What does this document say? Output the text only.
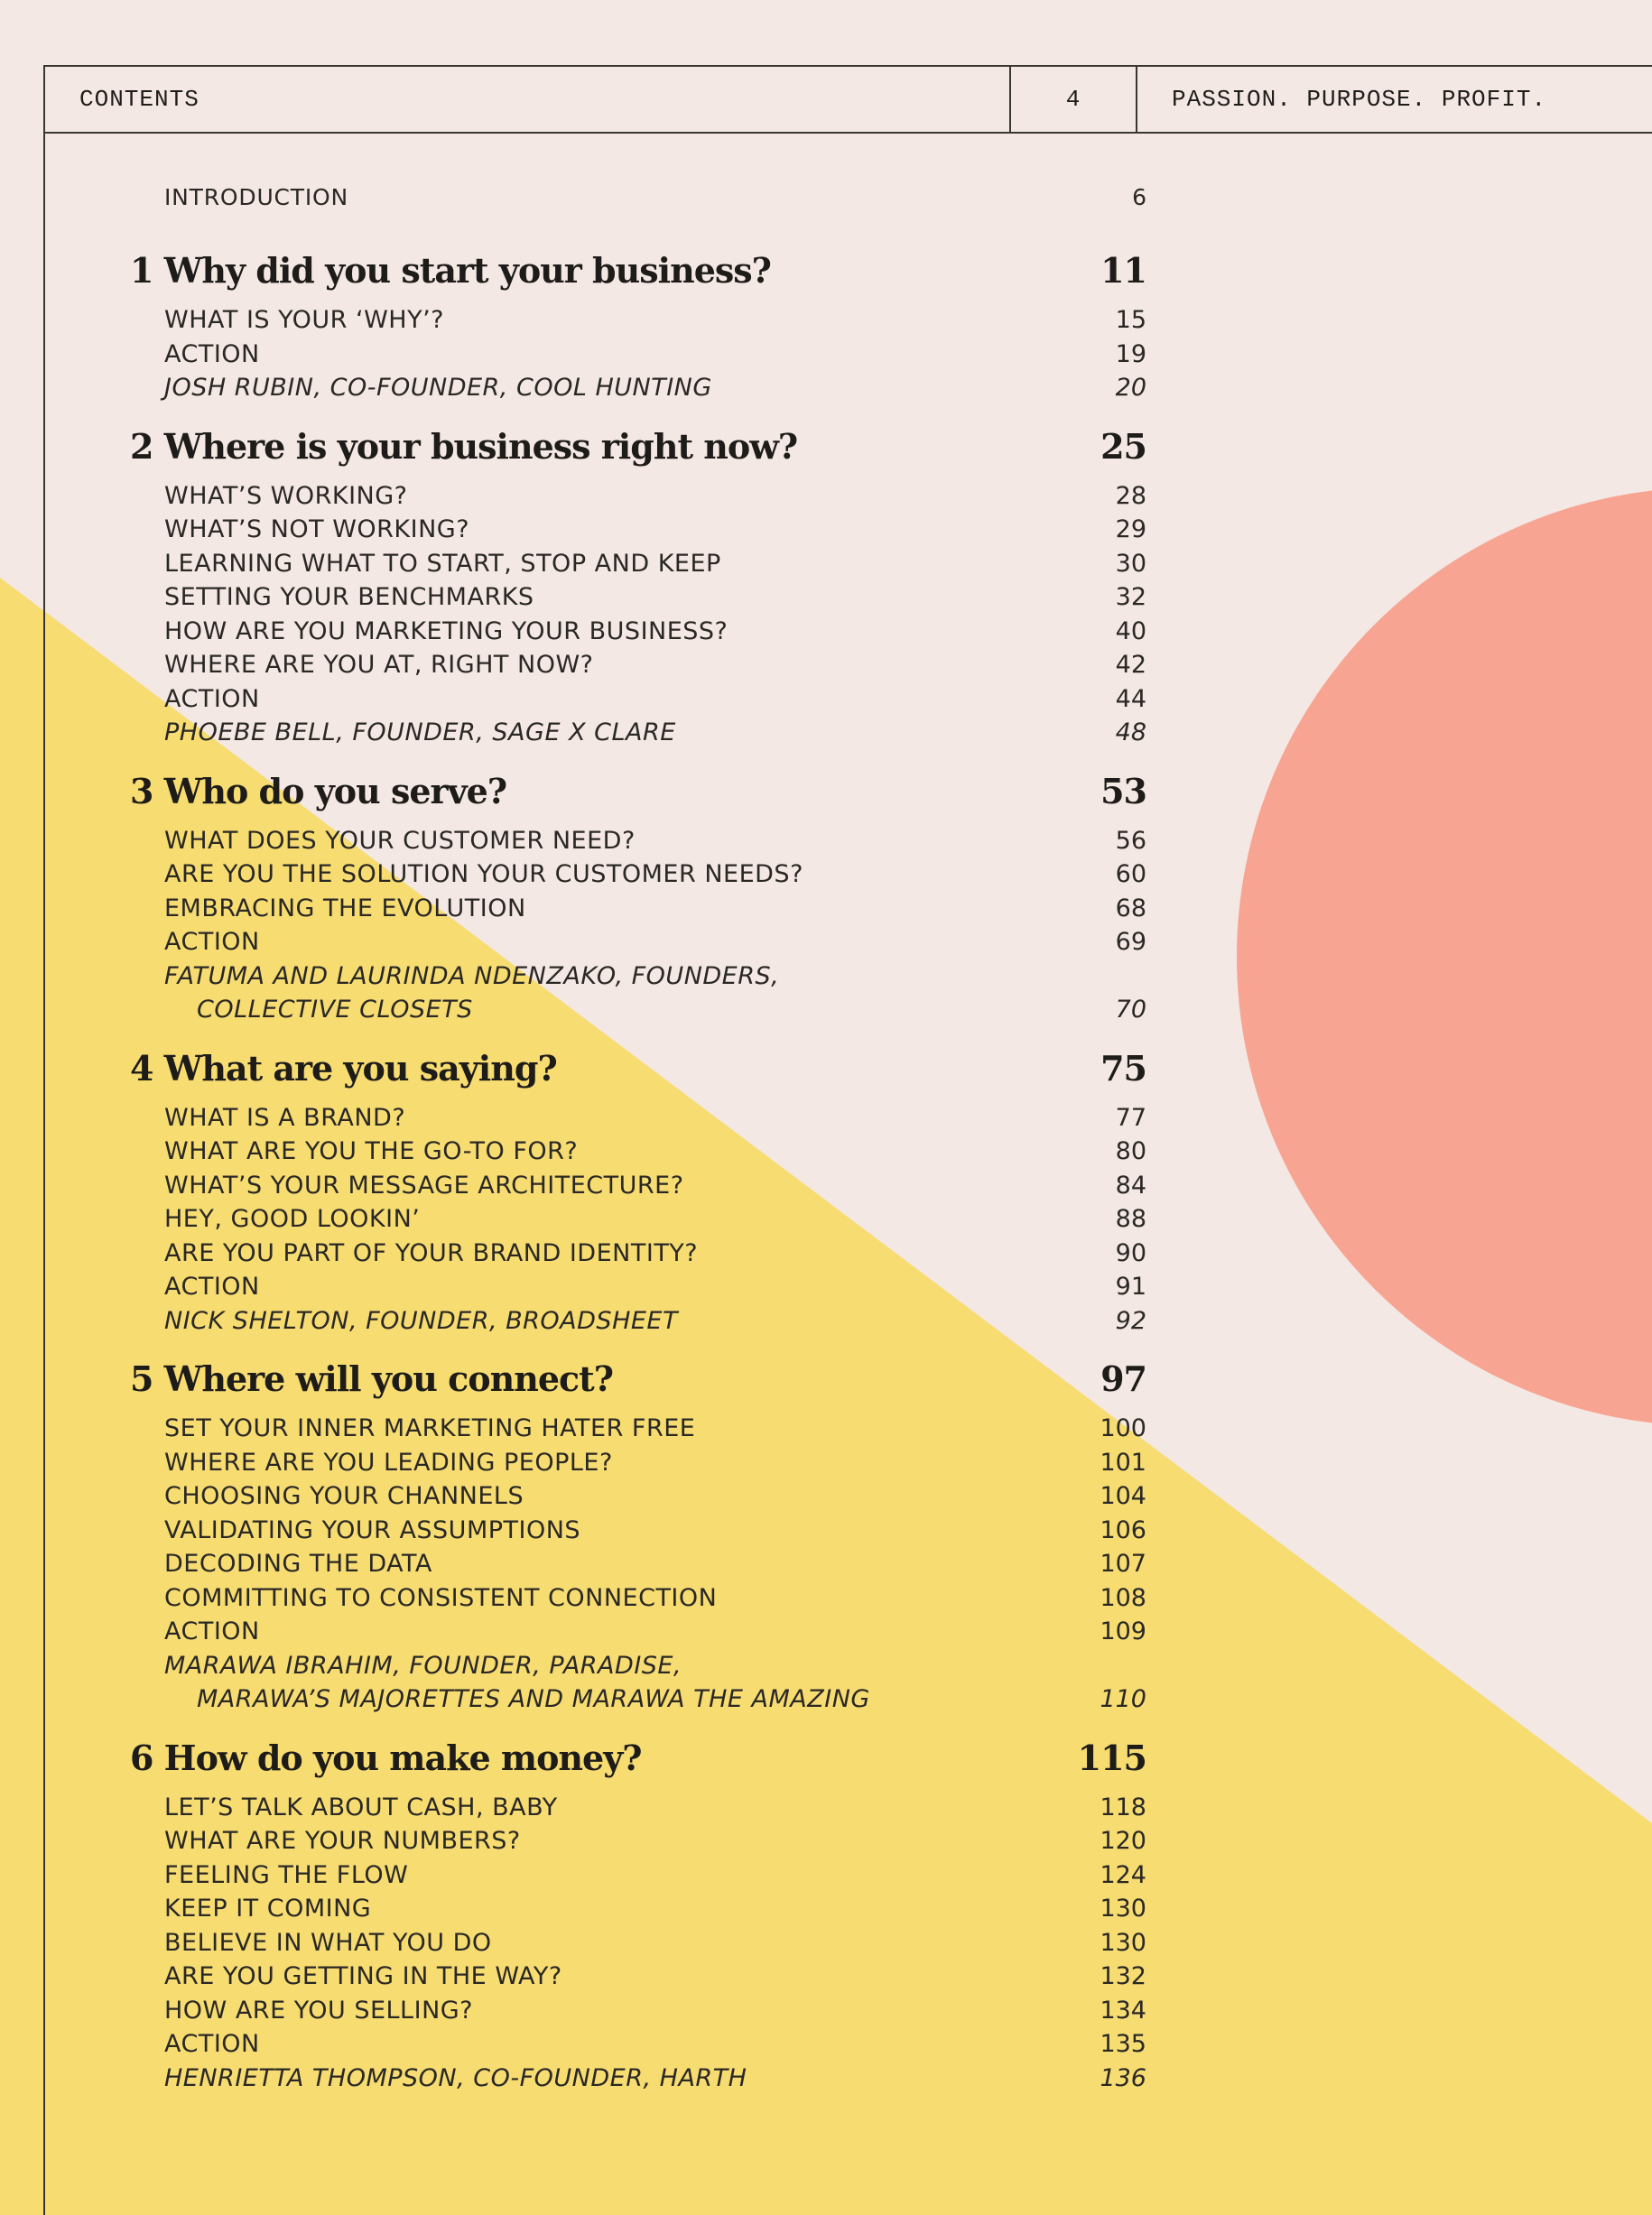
CONTENTS	4	PASSION. PURPOSE. PROFIT.
INTRODUCTION	6
1 Why did you start your business?	11
WHAT IS YOUR ‘WHY’?	15
ACTION	19
JOSH RUBIN, CO-FOUNDER, COOL HUNTING	20
2 Where is your business right now?	25
WHAT’S WORKING?	28
WHAT’S NOT WORKING?	29
LEARNING WHAT TO START, STOP AND KEEP	30
SETTING YOUR BENCHMARKS	32
HOW ARE YOU MARKETING YOUR BUSINESS?	40
WHERE ARE YOU AT, RIGHT NOW?	42
ACTION	44
PHOEBE BELL, FOUNDER, SAGE X CLARE	48
3 Who do you serve?	53
WHAT DOES YOUR CUSTOMER NEED?	56
ARE YOU THE SOLUTION YOUR CUSTOMER NEEDS?	60
EMBRACING THE EVOLUTION	68
ACTION	69
FATUMA AND LAURINDA NDENZAKO, FOUNDERS,
COLLECTIVE CLOSETS	70
4 What are you saying?	75
WHAT IS A BRAND?	77
WHAT ARE YOU THE GO-TO FOR?	80
WHAT’S YOUR MESSAGE ARCHITECTURE?	84
HEY, GOOD LOOKIN’	88
ARE YOU PART OF YOUR BRAND IDENTITY?	90
ACTION	91
NICK SHELTON, FOUNDER, BROADSHEET	92
5 Where will you connect?	97
SET YOUR INNER MARKETING HATER FREE	100
WHERE ARE YOU LEADING PEOPLE?	101
CHOOSING YOUR CHANNELS	104
VALIDATING YOUR ASSUMPTIONS	106
DECODING THE DATA	107
COMMITTING TO CONSISTENT CONNECTION	108
ACTION	109
MARAWA IBRAHIM, FOUNDER, PARADISE,
MARAWA’S MAJORETTES AND MARAWA THE AMAZING	110
6 How do you make money?	115
LET’S TALK ABOUT CASH, BABY	118
WHAT ARE YOUR NUMBERS?	120
FEELING THE FLOW	124
KEEP IT COMING	130
BELIEVE IN WHAT YOU DO	130
ARE YOU GETTING IN THE WAY?	132
HOW ARE YOU SELLING?	134
ACTION	135
HENRIETTA THOMPSON, CO-FOUNDER, HARTH	136
